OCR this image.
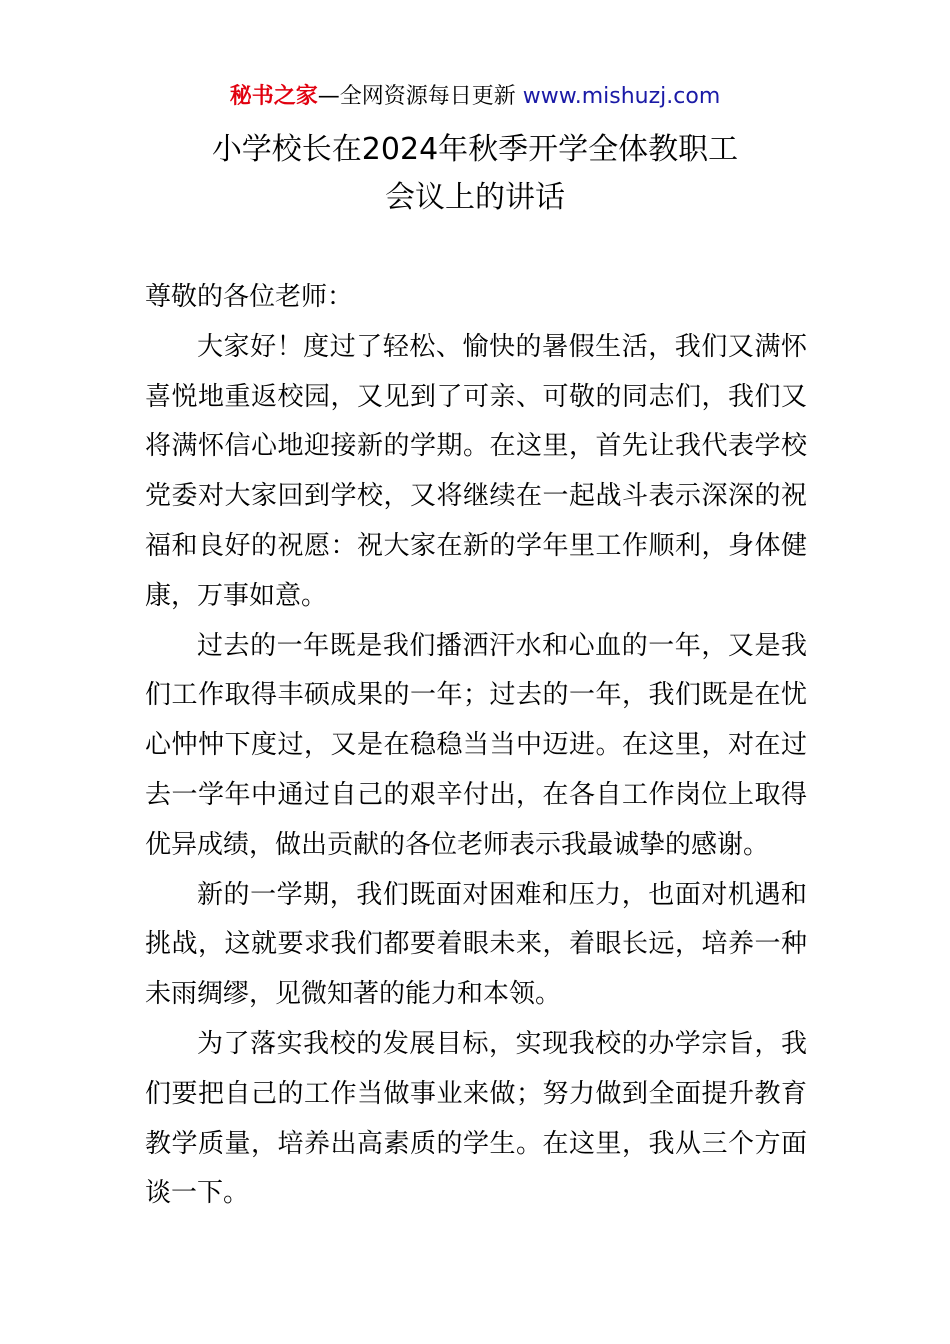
秘书之家—全网资源每日更新 www.mishuzj.com
小学校长在2024年秋季开学全体教职工
会议上的讲话

尊敬的各位老师：

大家好！度过了轻松、愉快的暑假生活，我们又满怀喜悦地重返校园，又见到了可亲、可敬的同志们，我们又将满怀信心地迎接新的学期。在这里，首先让我代表学校党委对大家回到学校，又将继续在一起战斗表示深深的祝福和良好的祝愿：祝大家在新的学年里工作顺利，身体健康，万事如意。

过去的一年既是我们播洒汗水和心血的一年，又是我们工作取得丰硕成果的一年；过去的一年，我们既是在忧心忡忡下度过，又是在稳稳当当中迈进。在这里，对在过去一学年中通过自己的艰辛付出，在各自工作岗位上取得优异成绩，做出贡献的各位老师表示我最诚挚的感谢。

新的一学期，我们既面对困难和压力，也面对机遇和挑战，这就要求我们都要着眼未来，着眼长远，培养一种未雨绸缪，见微知著的能力和本领。

为了落实我校的发展目标，实现我校的办学宗旨，我们要把自己的工作当做事业来做；努力做到全面提升教育教学质量，培养出高素质的学生。在这里，我从三个方面谈一下。
